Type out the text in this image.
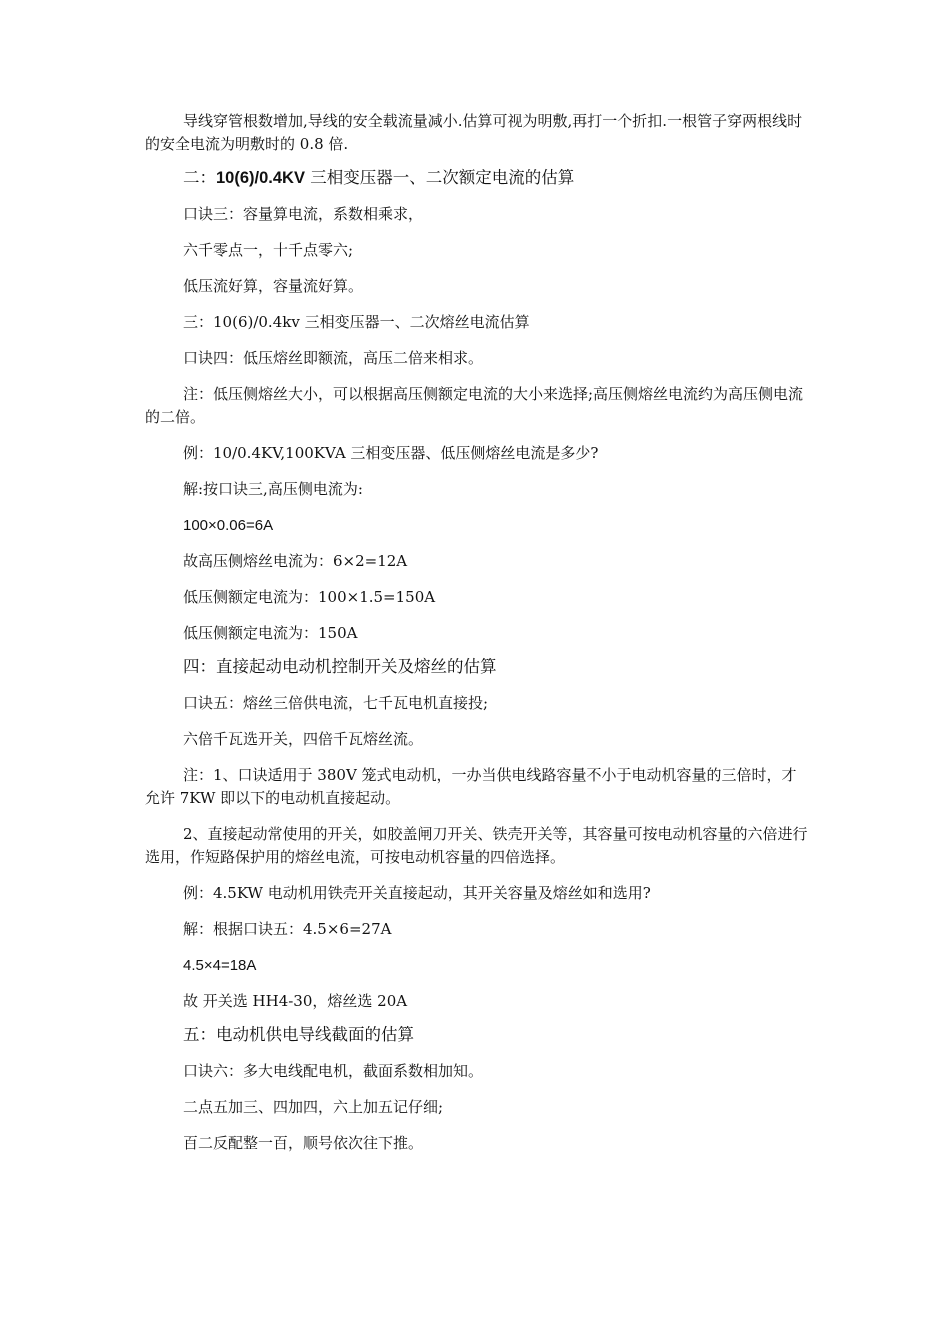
导线穿管根数增加,导线的安全载流量减小.估算可视为明敷,再打一个折扣.一根管子穿两根线时的安全电流为明敷时的 0.8 倍.

二：10(6)/0.4KV 三相变压器一、二次额定电流的估算

口诀三：容量算电流，系数相乘求，

六千零点一，十千点零六;

低压流好算，容量流好算。

三：10(6)/0.4kv 三相变压器一、二次熔丝电流估算

口诀四：低压熔丝即额流，高压二倍来相求。

注：低压侧熔丝大小，可以根据高压侧额定电流的大小来选择;高压侧熔丝电流约为高压侧电流的二倍。

例：10/0.4KV,100KVA 三相变压器、低压侧熔丝电流是多少?

解:按口诀三,高压侧电流为:

100×0.06=6A

故高压侧熔丝电流为：6×2=12A

低压侧额定电流为：100×1.5=150A

低压侧额定电流为：150A

四：直接起动电动机控制开关及熔丝的估算

口诀五：熔丝三倍供电流，七千瓦电机直接投;

六倍千瓦选开关，四倍千瓦熔丝流。

注：1、口诀适用于 380V 笼式电动机，一办当供电线路容量不小于电动机容量的三倍时，才允许 7KW 即以下的电动机直接起动。

2、直接起动常使用的开关，如胶盖闸刀开关、铁壳开关等，其容量可按电动机容量的六倍进行选用，作短路保护用的熔丝电流，可按电动机容量的四倍选择。

例：4.5KW 电动机用铁壳开关直接起动，其开关容量及熔丝如和选用?

解：根据口诀五：4.5×6=27A

4.5×4=18A

故 开关选 HH4-30，熔丝选 20A

五：电动机供电导线截面的估算

口诀六：多大电线配电机，截面系数相加知。

二点五加三、四加四，六上加五记仔细;

百二反配整一百，顺号依次往下推。
